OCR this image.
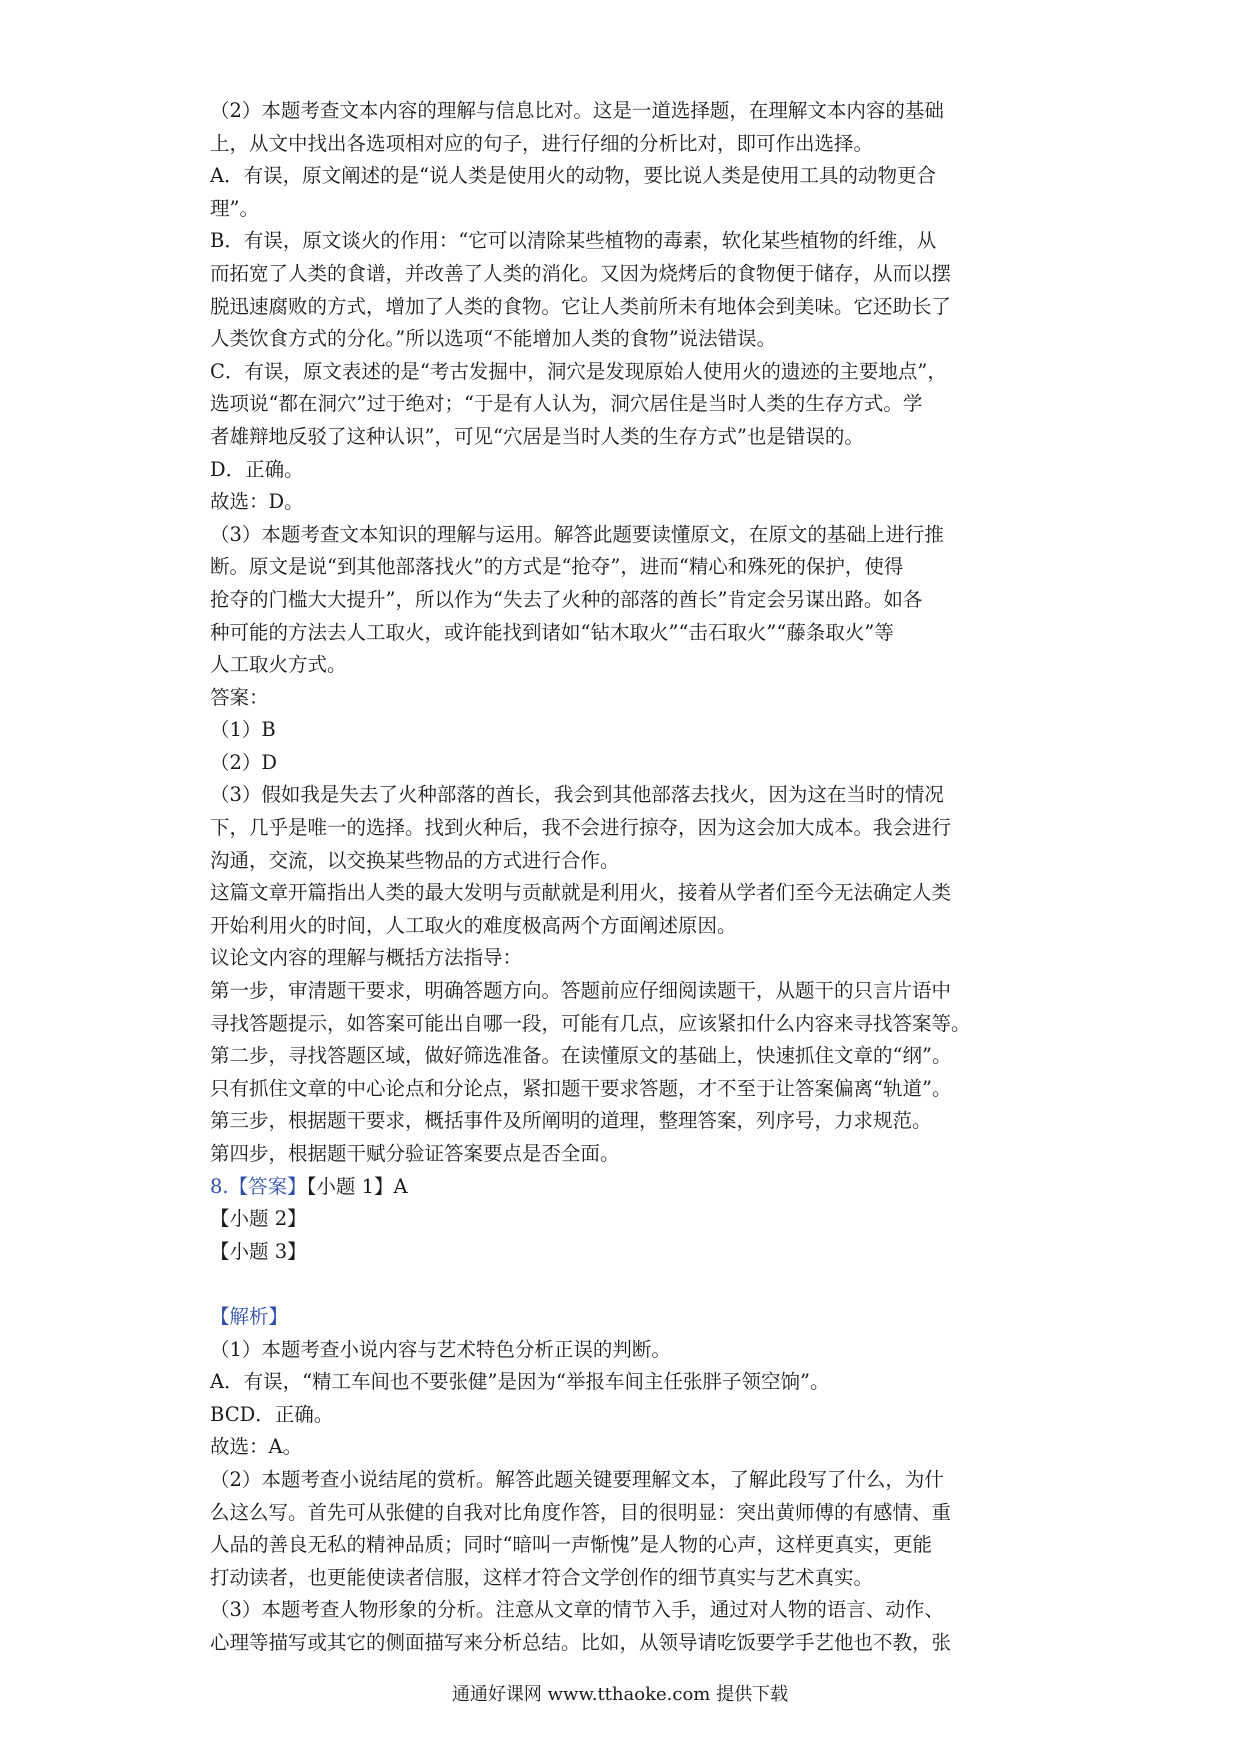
（2）本题考查文本内容的理解与信息比对。这是一道选择题，在理解文本内容的基础
上，从文中找出各选项相对应的句子，进行仔细的分析比对，即可作出选择。
A．有误，原文阐述的是“说人类是使用火的动物，要比说人类是使用工具的动物更合
理”。
B．有误，原文谈火的作用：“它可以清除某些植物的毒素，软化某些植物的纤维，从
而拓宽了人类的食谱，并改善了人类的消化。又因为烧烤后的食物便于储存，从而以摆
脱迅速腐败的方式，增加了人类的食物。它让人类前所未有地体会到美味。它还助长了
人类饮食方式的分化。”所以选项“不能增加人类的食物”说法错误。
C．有误，原文表述的是“考古发掘中，洞穴是发现原始人使用火的遗迹的主要地点”，
选项说“都在洞穴”过于绝对；“于是有人认为，洞穴居住是当时人类的生存方式。学
者雄辩地反驳了这种认识”，可见“穴居是当时人类的生存方式”也是错误的。
D．正确。
故选：D。
（3）本题考查文本知识的理解与运用。解答此题要读懂原文，在原文的基础上进行推
断。原文是说“到其他部落找火”的方式是“抢夺”，进而“精心和殊死的保护，使得
抢夺的门槛大大提升”，所以作为“失去了火种的部落的酋长”肯定会另谋出路。如各
种可能的方法去人工取火，或许能找到诸如“钻木取火”“击石取火”“藤条取火”等
人工取火方式。
答案：
（1）B
（2）D
（3）假如我是失去了火种部落的酋长，我会到其他部落去找火，因为这在当时的情况
下，几乎是唯一的选择。找到火种后，我不会进行掠夺，因为这会加大成本。我会进行
沟通，交流，以交换某些物品的方式进行合作。
这篇文章开篇指出人类的最大发明与贡献就是利用火，接着从学者们至今无法确定人类
开始利用火的时间，人工取火的难度极高两个方面阐述原因。
议论文内容的理解与概括方法指导：
第一步，审清题干要求，明确答题方向。答题前应仔细阅读题干，从题干的只言片语中
寻找答题提示，如答案可能出自哪一段，可能有几点，应该紧扣什么内容来寻找答案等。
第二步，寻找答题区域，做好筛选准备。在读懂原文的基础上，快速抓住文章的“纲”。
只有抓住文章的中心论点和分论点，紧扣题干要求答题，才不至于让答案偏离“轨道”。
第三步，根据题干要求，概括事件及所阐明的道理，整理答案，列序号，力求规范。
第四步，根据题干赋分验证答案要点是否全面。
8.【答案】【小题 1】A
【小题 2】
【小题 3】
【解析】
（1）本题考查小说内容与艺术特色分析正误的判断。
A．有误，“精工车间也不要张健”是因为“举报车间主任张胖子领空饷”。
BCD．正确。
故选：A。
（2）本题考查小说结尾的赏析。解答此题关键要理解文本，了解此段写了什么，为什
么这么写。首先可从张健的自我对比角度作答，目的很明显：突出黄师傅的有感情、重
人品的善良无私的精神品质；同时“暗叫一声惭愧”是人物的心声，这样更真实，更能
打动读者，也更能使读者信服，这样才符合文学创作的细节真实与艺术真实。
（3）本题考查人物形象的分析。注意从文章的情节入手，通过对人物的语言、动作、
心理等描写或其它的侧面描写来分析总结。比如，从领导请吃饭要学手艺他也不教，张
通通好课网 www.tthaoke.com 提供下载
